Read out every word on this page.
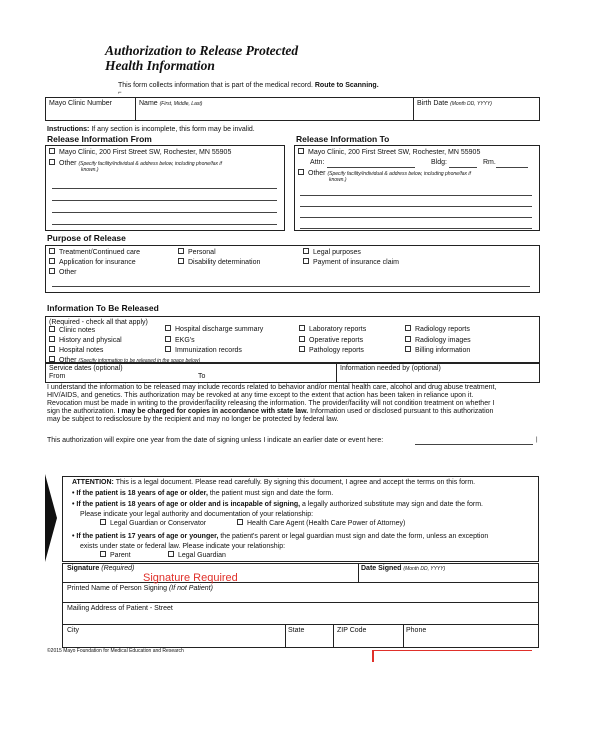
Authorization to Release Protected
Health Information
This form collects information that is part of the medical record. Route to Scanning.
⌐
Mayo Clinic Number	Name (First, Middle, Last)	Birth Date (Month DD, YYYY)
Instructions: If any section is incomplete, this form may be invalid.
Release Information From
Mayo Clinic, 200 First Street SW, Rochester, MN 55905
Other (Specify facility/individual & address below, including phone/fax if
known.)
Release Information To
Mayo Clinic, 200 First Street SW, Rochester, MN 55905
Attn:	Bldg:	Rm.
Other (Specify facility/individual & address below, including phone/fax if
known.)
Purpose of Release
Treatment/Continued care
Application for insurance
Other
Personal
Disability determination
Legal purposes
Payment of insurance claim
Information To Be Released
(Required - check all that apply)
Clinic notes
History and physical
Hospital notes
Hospital discharge summary
EKG's
Immunization records
Laboratory reports
Operative reports
Pathology reports
Radiology reports
Radiology images
Billing information
Other (Specify information to be released in the space below)
Service dates (optional)
From	To
Information needed by (optional)
I understand the information to be released may include records related to behavior and/or mental health care, alcohol and drug abuse treatment,
HIV/AIDS, and genetics. This authorization may be revoked at any time except to the extent that action has been taken in reliance upon it.
Revocation must be made in writing to the provider/facility releasing the information. The provider/facility will not condition treatment on whether I
sign the authorization. I may be charged for copies in accordance with state law. Information used or disclosed pursuant to this authorization
may be subject to redisclosure by the recipient and may no longer be protected by federal law.
This authorization will expire one year from the date of signing unless I indicate an earlier date or event here:	|
ATTENTION: This is a legal document. Please read carefully. By signing this document, I agree and accept the terms on this form.
• If the patient is 18 years of age or older, the patient must sign and date the form.
• If the patient is 18 years of age or older and is incapable of signing, a legally authorized substitute may sign and date the form.
Please indicate your legal authority and documentation of your relationship:
Legal Guardian or Conservator	Health Care Agent (Health Care Power of Attorney)
• If the patient is 17 years of age or younger, the patient's parent or legal guardian must sign and date the form, unless an exception
exists under state or federal law. Please indicate your relationship:
Parent	Legal Guardian
Signature (Required)
Signature Required
Date Signed (Month DD, YYYY)
Printed Name of Person Signing (If not Patient)
Mailing Address of Patient - Street
City	State	ZIP Code	Phone
©2015 Mayo Foundation for Medical Education and Research
